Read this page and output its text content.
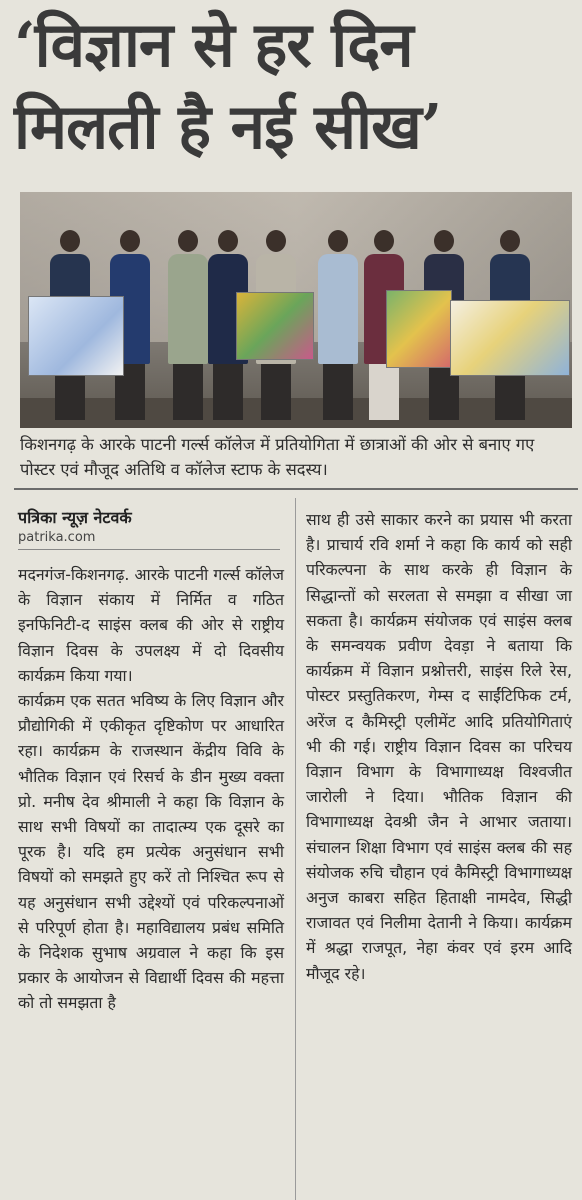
‘विज्ञान से हर दिन
मिलती है नई सीख’

किशनगढ़ के आरके पाटनी गर्ल्स कॉलेज में प्रतियोगिता में छात्राओं की ओर से बनाए गए पोस्टर एवं मौजूद अतिथि व कॉलेज स्टाफ के सदस्य।

पत्रिका न्यूज़ नेटवर्क
patrika.com

मदनगंज-किशनगढ़. आरके पाटनी गर्ल्स कॉलेज के विज्ञान संकाय में निर्मित व गठित इनफिनिटी-द साइंस क्लब की ओर से राष्ट्रीय विज्ञान दिवस के उपलक्ष्य में दो दिवसीय कार्यक्रम किया गया।
कार्यक्रम एक सतत भविष्य के लिए विज्ञान और प्रौद्योगिकी में एकीकृत दृष्टिकोण पर आधारित रहा। कार्यक्रम के राजस्थान केंद्रीय विवि के भौतिक विज्ञान एवं रिसर्च के डीन मुख्य वक्ता प्रो. मनीष देव श्रीमाली ने कहा कि विज्ञान के साथ सभी विषयों का तादात्म्य एक दूसरे का पूरक है। यदि हम प्रत्येक अनुसंधान सभी विषयों को समझते हुए करें तो निश्चित रूप से यह अनुसंधान सभी उद्देश्यों एवं परिकल्पनाओं से परिपूर्ण होता है। महाविद्यालय प्रबंध समिति के निदेशक सुभाष अग्रवाल ने कहा कि इस प्रकार के आयोजन से विद्यार्थी दिवस की महत्ता को तो समझता है

साथ ही उसे साकार करने का प्रयास भी करता है। प्राचार्य रवि शर्मा ने कहा कि कार्य को सही परिकल्पना के साथ करके ही विज्ञान के सिद्धान्तों को सरलता से समझा व सीखा जा सकता है। कार्यक्रम संयोजक एवं साइंस क्लब के समन्वयक प्रवीण देवड़ा ने बताया कि कार्यक्रम में विज्ञान प्रश्नोत्तरी, साइंस रिले रेस, पोस्टर प्रस्तुतिकरण, गेम्स द साईंटिफिक टर्म, अरेंज द कैमिस्ट्री एलीमेंट आदि प्रतियोगिताएं भी की गई। राष्ट्रीय विज्ञान दिवस का परिचय विज्ञान विभाग के विभागाध्यक्ष विश्वजीत जारोली ने दिया। भौतिक विज्ञान की विभागाध्यक्ष देवश्री जैन ने आभार जताया। संचालन शिक्षा विभाग एवं साइंस क्लब की सह संयोजक रुचि चौहान एवं कैमिस्ट्री विभागाध्यक्ष अनुज काबरा सहित हिताक्षी नामदेव, सिद्धी राजावत एवं निलीमा देतानी ने किया। कार्यक्रम में श्रद्धा राजपूत, नेहा कंवर एवं इरम आदि मौजूद रहे।
